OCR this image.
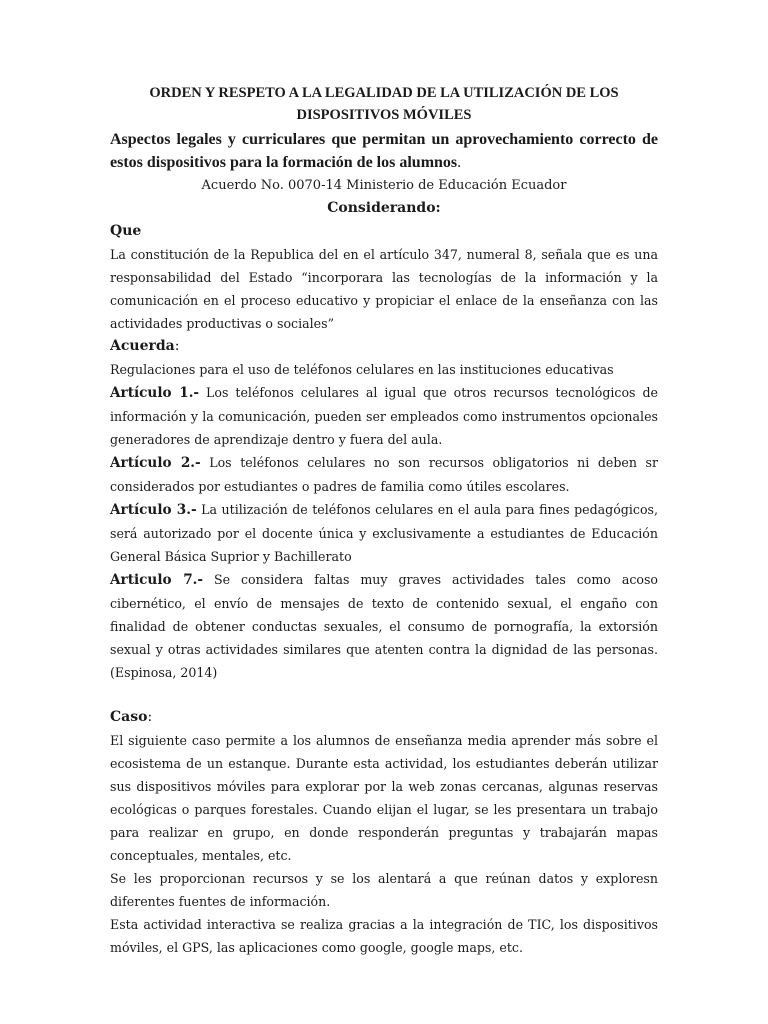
ORDEN Y RESPETO A LA LEGALIDAD DE LA UTILIZACIÓN DE LOS
DISPOSITIVOS MÓVILES

Aspectos legales y curriculares que permitan un aprovechamiento correcto de estos dispositivos para la formación de los alumnos.

Acuerdo No. 0070-14 Ministerio de Educación Ecuador

Considerando:

Que

La constitución de la Republica del en el artículo 347, numeral 8, señala que es una responsabilidad del Estado “incorporara las tecnologías de la información y la comunicación en el proceso educativo y propiciar el enlace de la enseñanza con las actividades productivas o sociales”

Acuerda:

Regulaciones para el uso de teléfonos celulares en las instituciones educativas

Artículo 1.- Los teléfonos celulares al igual que otros recursos tecnológicos de información y la comunicación, pueden ser empleados como instrumentos opcionales generadores de aprendizaje dentro y fuera del aula.

Artículo 2.- Los teléfonos celulares no son recursos obligatorios ni deben sr considerados por estudiantes o padres de familia como útiles escolares.

Artículo 3.- La utilización de teléfonos celulares en el aula para fines pedagógicos, será autorizado por el docente única y exclusivamente a estudiantes de Educación General Básica Suprior y Bachillerato

Articulo 7.- Se considera faltas muy graves actividades tales como acoso cibernético, el envío de mensajes de texto de contenido sexual, el engaño con finalidad de obtener conductas sexuales, el consumo de pornografía, la extorsión sexual y otras actividades similares que atenten contra la dignidad de las personas. (Espinosa, 2014)

Caso:

El siguiente caso permite a los alumnos de enseñanza media aprender más sobre el ecosistema de un estanque. Durante esta actividad, los estudiantes deberán utilizar sus dispositivos móviles para explorar por la web zonas cercanas, algunas reservas ecológicas o parques forestales. Cuando elijan el lugar, se les presentara un trabajo para realizar en grupo, en donde responderán preguntas y trabajarán mapas conceptuales, mentales, etc.

Se les proporcionan recursos y se los alentará a que reúnan datos y exploresn diferentes fuentes de información.

Esta actividad interactiva se realiza gracias a la integración de TIC, los dispositivos móviles, el GPS, las aplicaciones como google, google maps, etc.
